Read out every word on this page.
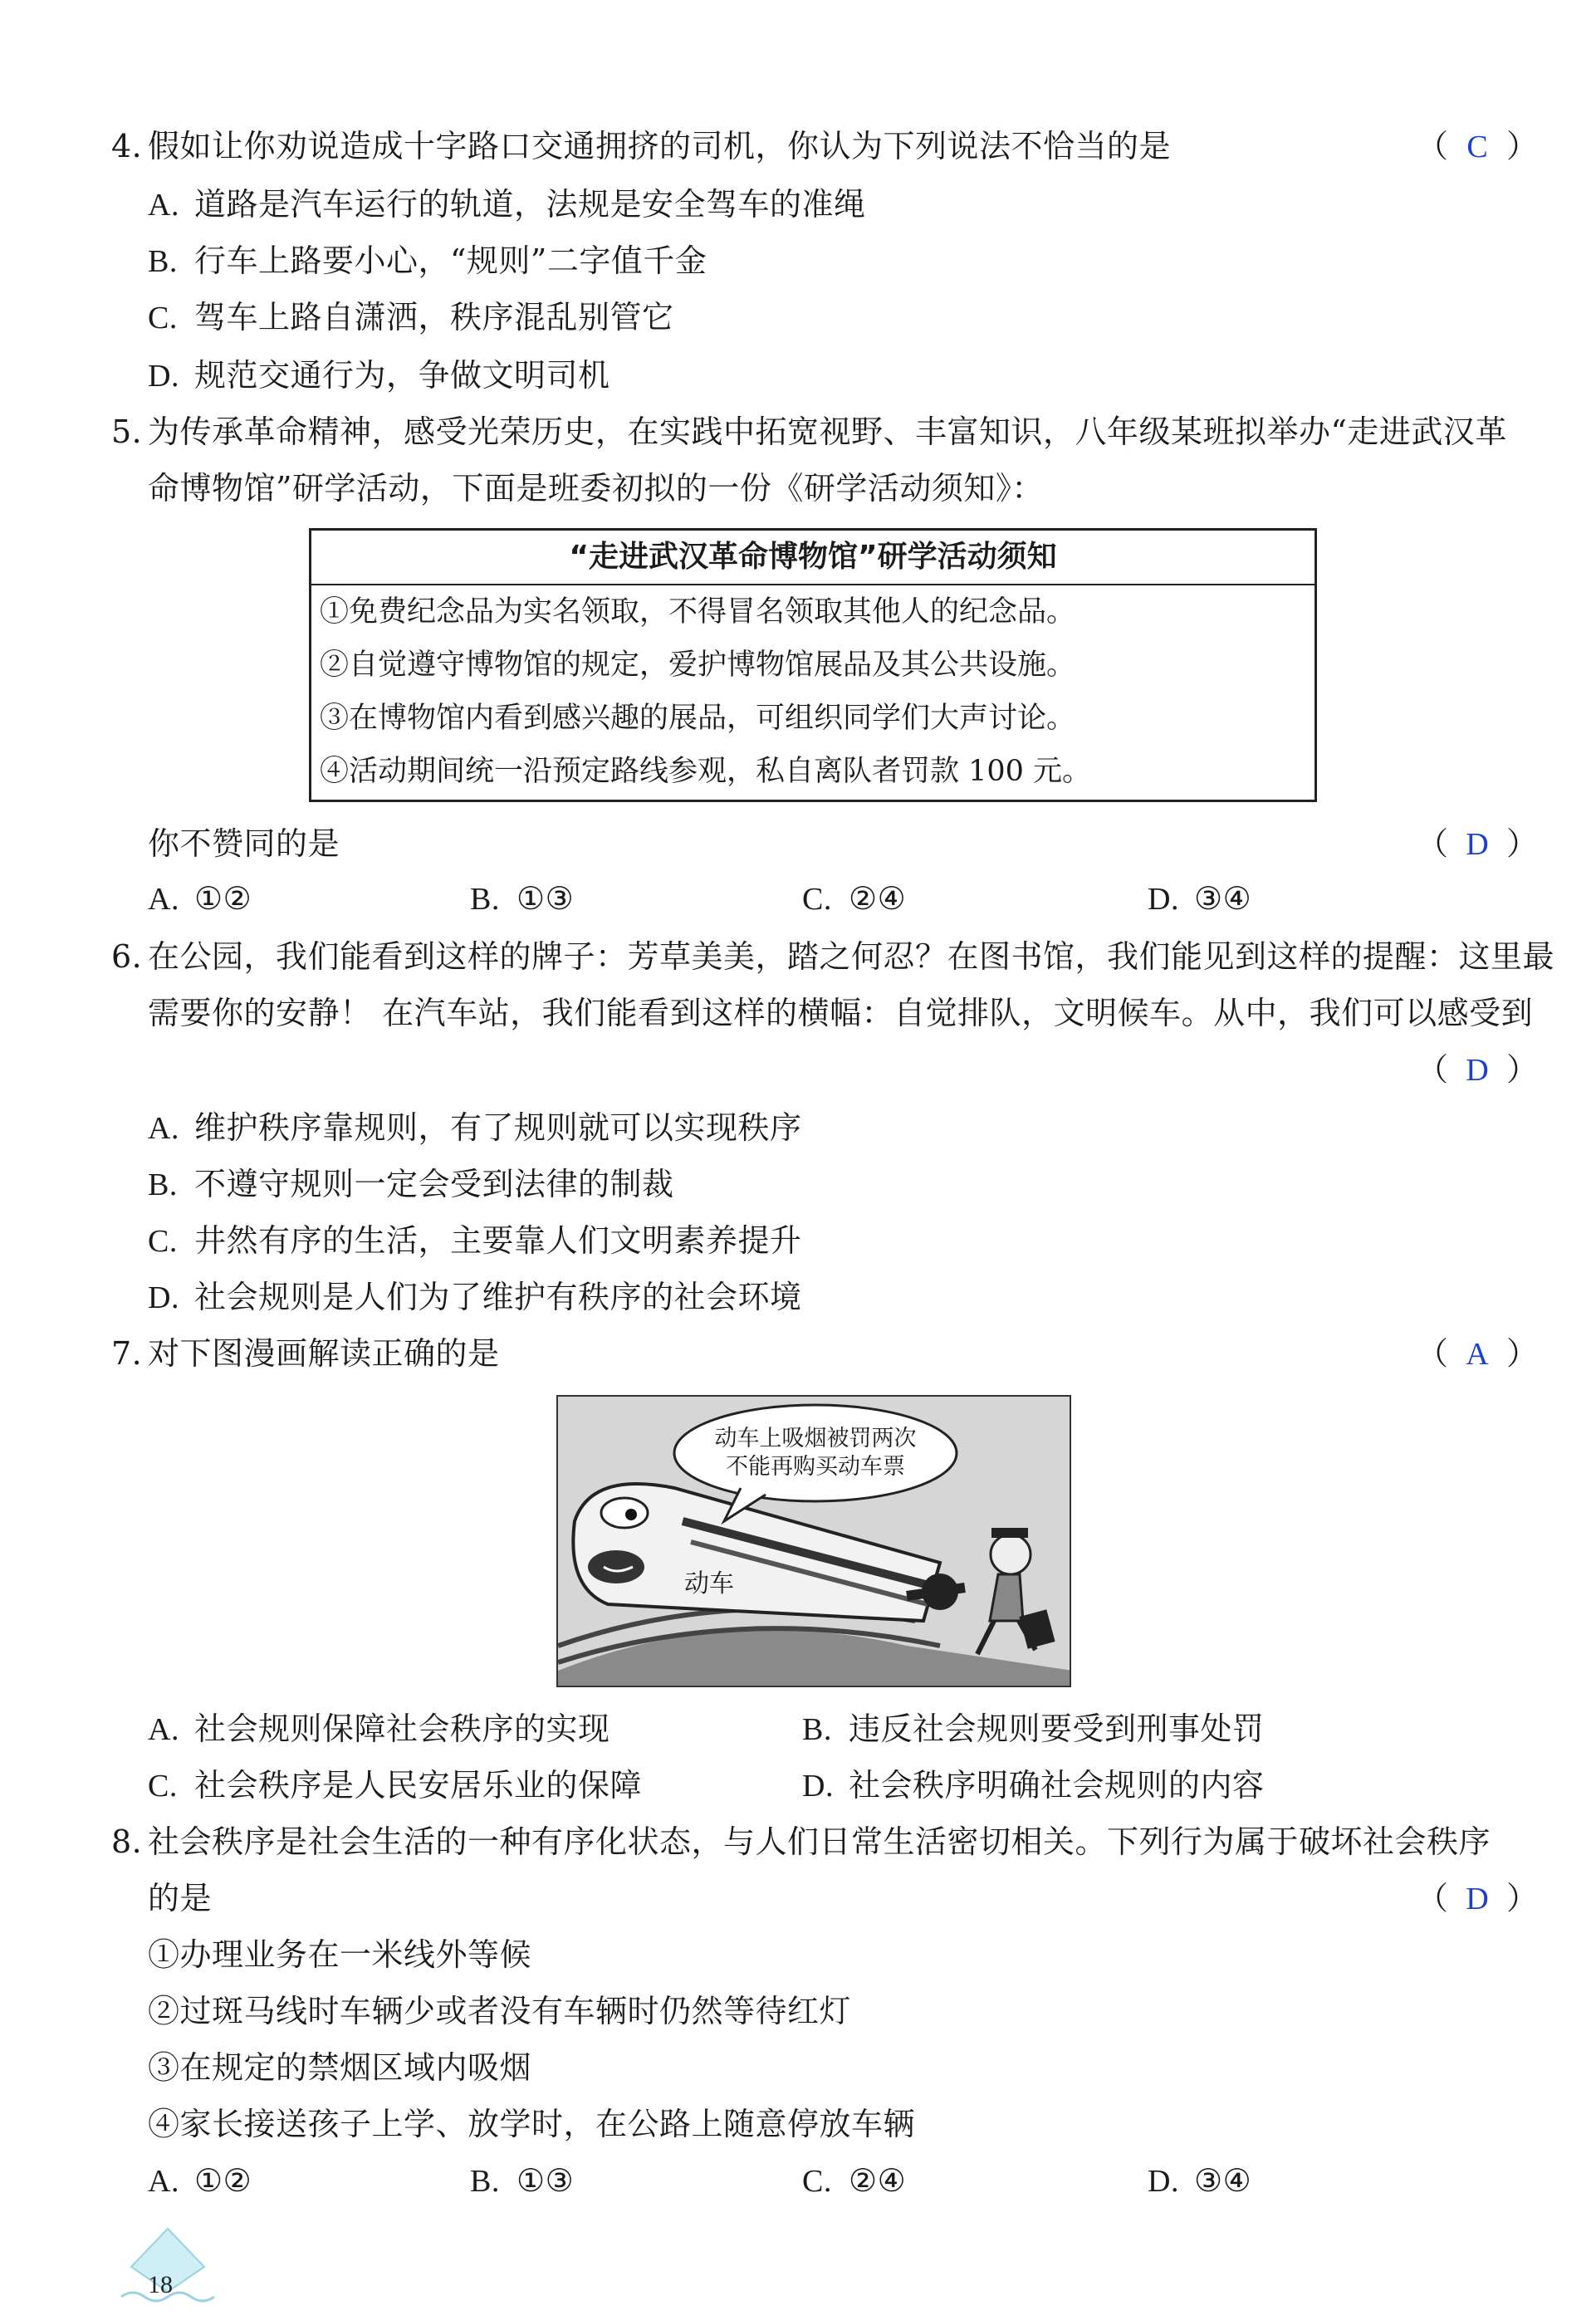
4. 假如让你劝说造成十字路口交通拥挤的司机，你认为下列说法不恰当的是	（ C ）
A. 道路是汽车运行的轨道，法规是安全驾车的准绳
B. 行车上路要小心，“规则”二字值千金
C. 驾车上路自潇洒，秩序混乱别管它
D. 规范交通行为，争做文明司机
5. 为传承革命精神，感受光荣历史，在实践中拓宽视野、丰富知识，八年级某班拟举办“走进武汉革
命博物馆”研学活动，下面是班委初拟的一份《研学活动须知》：
“走进武汉革命博物馆”研学活动须知
①免费纪念品为实名领取，不得冒名领取其他人的纪念品。
②自觉遵守博物馆的规定，爱护博物馆展品及其公共设施。
③在博物馆内看到感兴趣的展品，可组织同学们大声讨论。
④活动期间统一沿预定路线参观，私自离队者罚款 100 元。
你不赞同的是	（ D ）
A. ①②	B. ①③	C. ②④	D. ③④
6. 在公园，我们能看到这样的牌子：芳草美美，踏之何忍？在图书馆，我们能见到这样的提醒：这里最
需要你的安静！ 在汽车站，我们能看到这样的横幅：自觉排队，文明候车。从中，我们可以感受到
（ D ）
A. 维护秩序靠规则，有了规则就可以实现秩序
B. 不遵守规则一定会受到法律的制裁
C. 井然有序的生活，主要靠人们文明素养提升
D. 社会规则是人们为了维护有秩序的社会环境
7. 对下图漫画解读正确的是	（ A ）
动车上吸烟被罚两次
不能再购买动车票
动车
A. 社会规则保障社会秩序的实现	B. 违反社会规则要受到刑事处罚
C. 社会秩序是人民安居乐业的保障	D. 社会秩序明确社会规则的内容
8. 社会秩序是社会生活的一种有序化状态，与人们日常生活密切相关。下列行为属于破坏社会秩序
的是	（ D ）
①办理业务在一米线外等候
②过斑马线时车辆少或者没有车辆时仍然等待红灯
③在规定的禁烟区域内吸烟
④家长接送孩子上学、放学时，在公路上随意停放车辆
A. ①②	B. ①③	C. ②④	D. ③④
18
